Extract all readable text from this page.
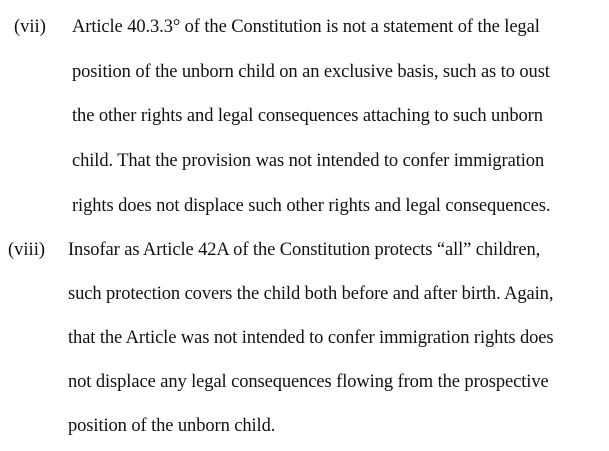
(vii) Article 40.3.3° of the Constitution is not a statement of the legal
position of the unborn child on an exclusive basis, such as to oust
the other rights and legal consequences attaching to such unborn
child. That the provision was not intended to confer immigration
rights does not displace such other rights and legal consequences.
(viii) Insofar as Article 42A of the Constitution protects “all” children,
such protection covers the child both before and after birth. Again,
that the Article was not intended to confer immigration rights does
not displace any legal consequences flowing from the prospective
position of the unborn child.
